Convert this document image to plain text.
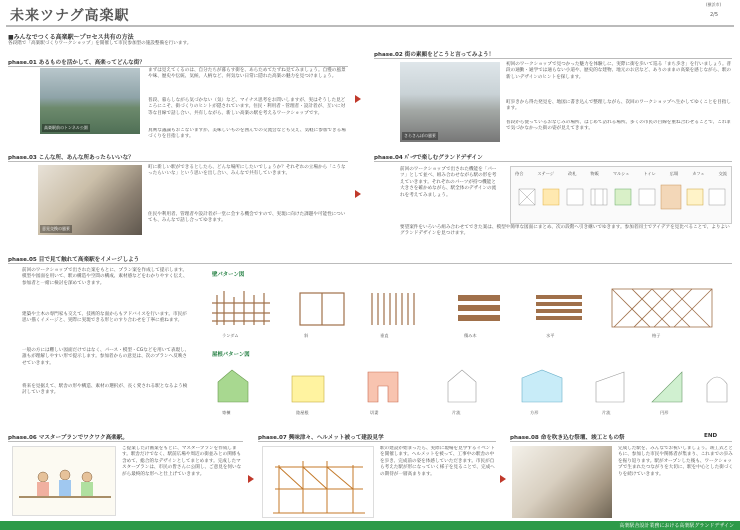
(横浜市)
未来ツナグ高楽駅	2/5
■みんなでつくる高楽駅～プロセス共有の方法
各段階で「高楽駅づくりワークショップ」を開催して市民参加型の施設整備を行います。
phase.01 あるものを活かして、高楽ってどんな街？
高楽駅前のトンネル公園
まずは見えてくるのは、自分たちが暮らす街を、あらためてたずね見てみましょう。自慢の風景や味、歴史や伝統、気候、人柄など、何気ない日常に隠れた高楽の魅力を見つけましょう。
普段、暮らしながら気づかない（気）など、マイナス思考をお問いしますが、実はそうした見どころにこそ、街づくりのヒントが隠されています。住民・利用者・管理者・設計者が、互いに対等な目線で話し合い、共有しながら、新しい高楽の駅を考えるワークショップです。
真剣な議論もおこないますが、美味しいものを囲んでの交流会なども交え、気軽に参加できる場づくりを目指します。
phase.02 街の素顔をどこうと言ってみよう！
さらさんぽの風景
初回のワークショップで見つかった魅力を体験しに、実際に街を歩いて巡る「まち歩き」を行いましょう。普段の通勤・通学では通らない小道や、歴史的な建物、地元のお店など、ありのままの高楽を感じながら、駅の新しいデザインのヒントを探します。
町歩きから得た発見を、地図に書き込んで整理しながら、次回のワークショップへ生かしてゆくことを目指します。
普段から使っているおなじみの場所、はじめて訪れる場所。多くの市民の目線を重ね合わせることで、これまで気づかなかった街の姿が見えてきます。
phase.03 こんな所、あんな所あったらいいな？
意見交換の風景
町に新しい駅ができるとしたら、どんな場所にしたいでしょうか？それぞれの立場から「こうなったらいいな」という思いを出し合い、みんなで共有していきます。
住民や利用者、管理者や設計者が一堂に会する機会ですので、実現に向けた課題や可能性についても、みんなで話し合ってゆきます。
phase.04 ﾊﾟｰﾂで楽しむグランドデザイン
前回のワークショップで出された機能を「パーツ」として並べ、組み合わせながら駅の形を考えていきます。それぞれのパーツが持つ機能と大きさを確かめながら、駅全体のデザインの流れを考えてみましょう。
待合	ステージ	改札	物販	マルシェ	トイレ	広場	カフェ	交流
要望案件をいろいろ組み合わせてできた案は、模型や簡単な図面にまとめ、次の段階へ引き継いでゆきます。参加者同士でアイデアを見比べることで、よりよいグランドデザインを見つけます。
phase.05 目で見て触れて高楽駅をイメージしよう
前回のワークショップで出された案をもとに、プラン案を作成して提示します。模型や図面を用いて、駅の構造や空間の構成、素材感などをわかりやすく伝え、参加者と一緒に検討を深めていきます。
建築や土木の専門家も交えて、技術的な面からもアドバイスを行います。市民が思い描くイメージと、実際に実現できる形とのすり合わせを丁寧に重ねます。
一般の方には難しい図面だけではなく、パース・模型・CGなどを用いて表現し、誰もが理解しやすい形で提示します。参加者からの意見は、次のプランへ反映させていきます。
将来を見据えて、駅舎の形や構造、素材の選択が、長く愛される駅となるよう検討していきます。
壁パターン図
ランダム	斜	垂直	積み木	水平	格子
屋根パターン図
寄棟	陸屋根	切妻	片流	方形	片流	円形
phase.06 マスタープランでワクワク高楽駅。
ご提案した計画案をもとに、マスタープランを作成します。駅舎だけでなく、駅前広場や周辺の街並みとの関係も含めて、総合的なデザインとしてまとめます。完成したマスタープランは、市民の皆さんに公開し、ご意見を伺いながら最終的な形へと仕上げていきます。
phase.07 興味津々、ヘルメット被って建設見学
駅の建設が始まったら、実際に現場を見学するイベントを開催します。ヘルメットを被って、工事中の駅舎の中を歩き、完成前の姿を体感していただきます。市民が自ら考えた駅が形になっていく様子を見ることで、完成への期待が一層高まります。
phase.08 命を吹き込む祭壇、竣工ともの祭	END
完成した駅を、みんなでお祝いしましょう。竣工式とともに、参加した市民や関係者が集まり、これまでの歩みを振り返ります。駅がオープンした後も、ワークショップで生まれたつながりを大切に、駅を中心とした街づくりを続けていきます。
高楽駅舎設計業務における高楽駅グランドデザイン
